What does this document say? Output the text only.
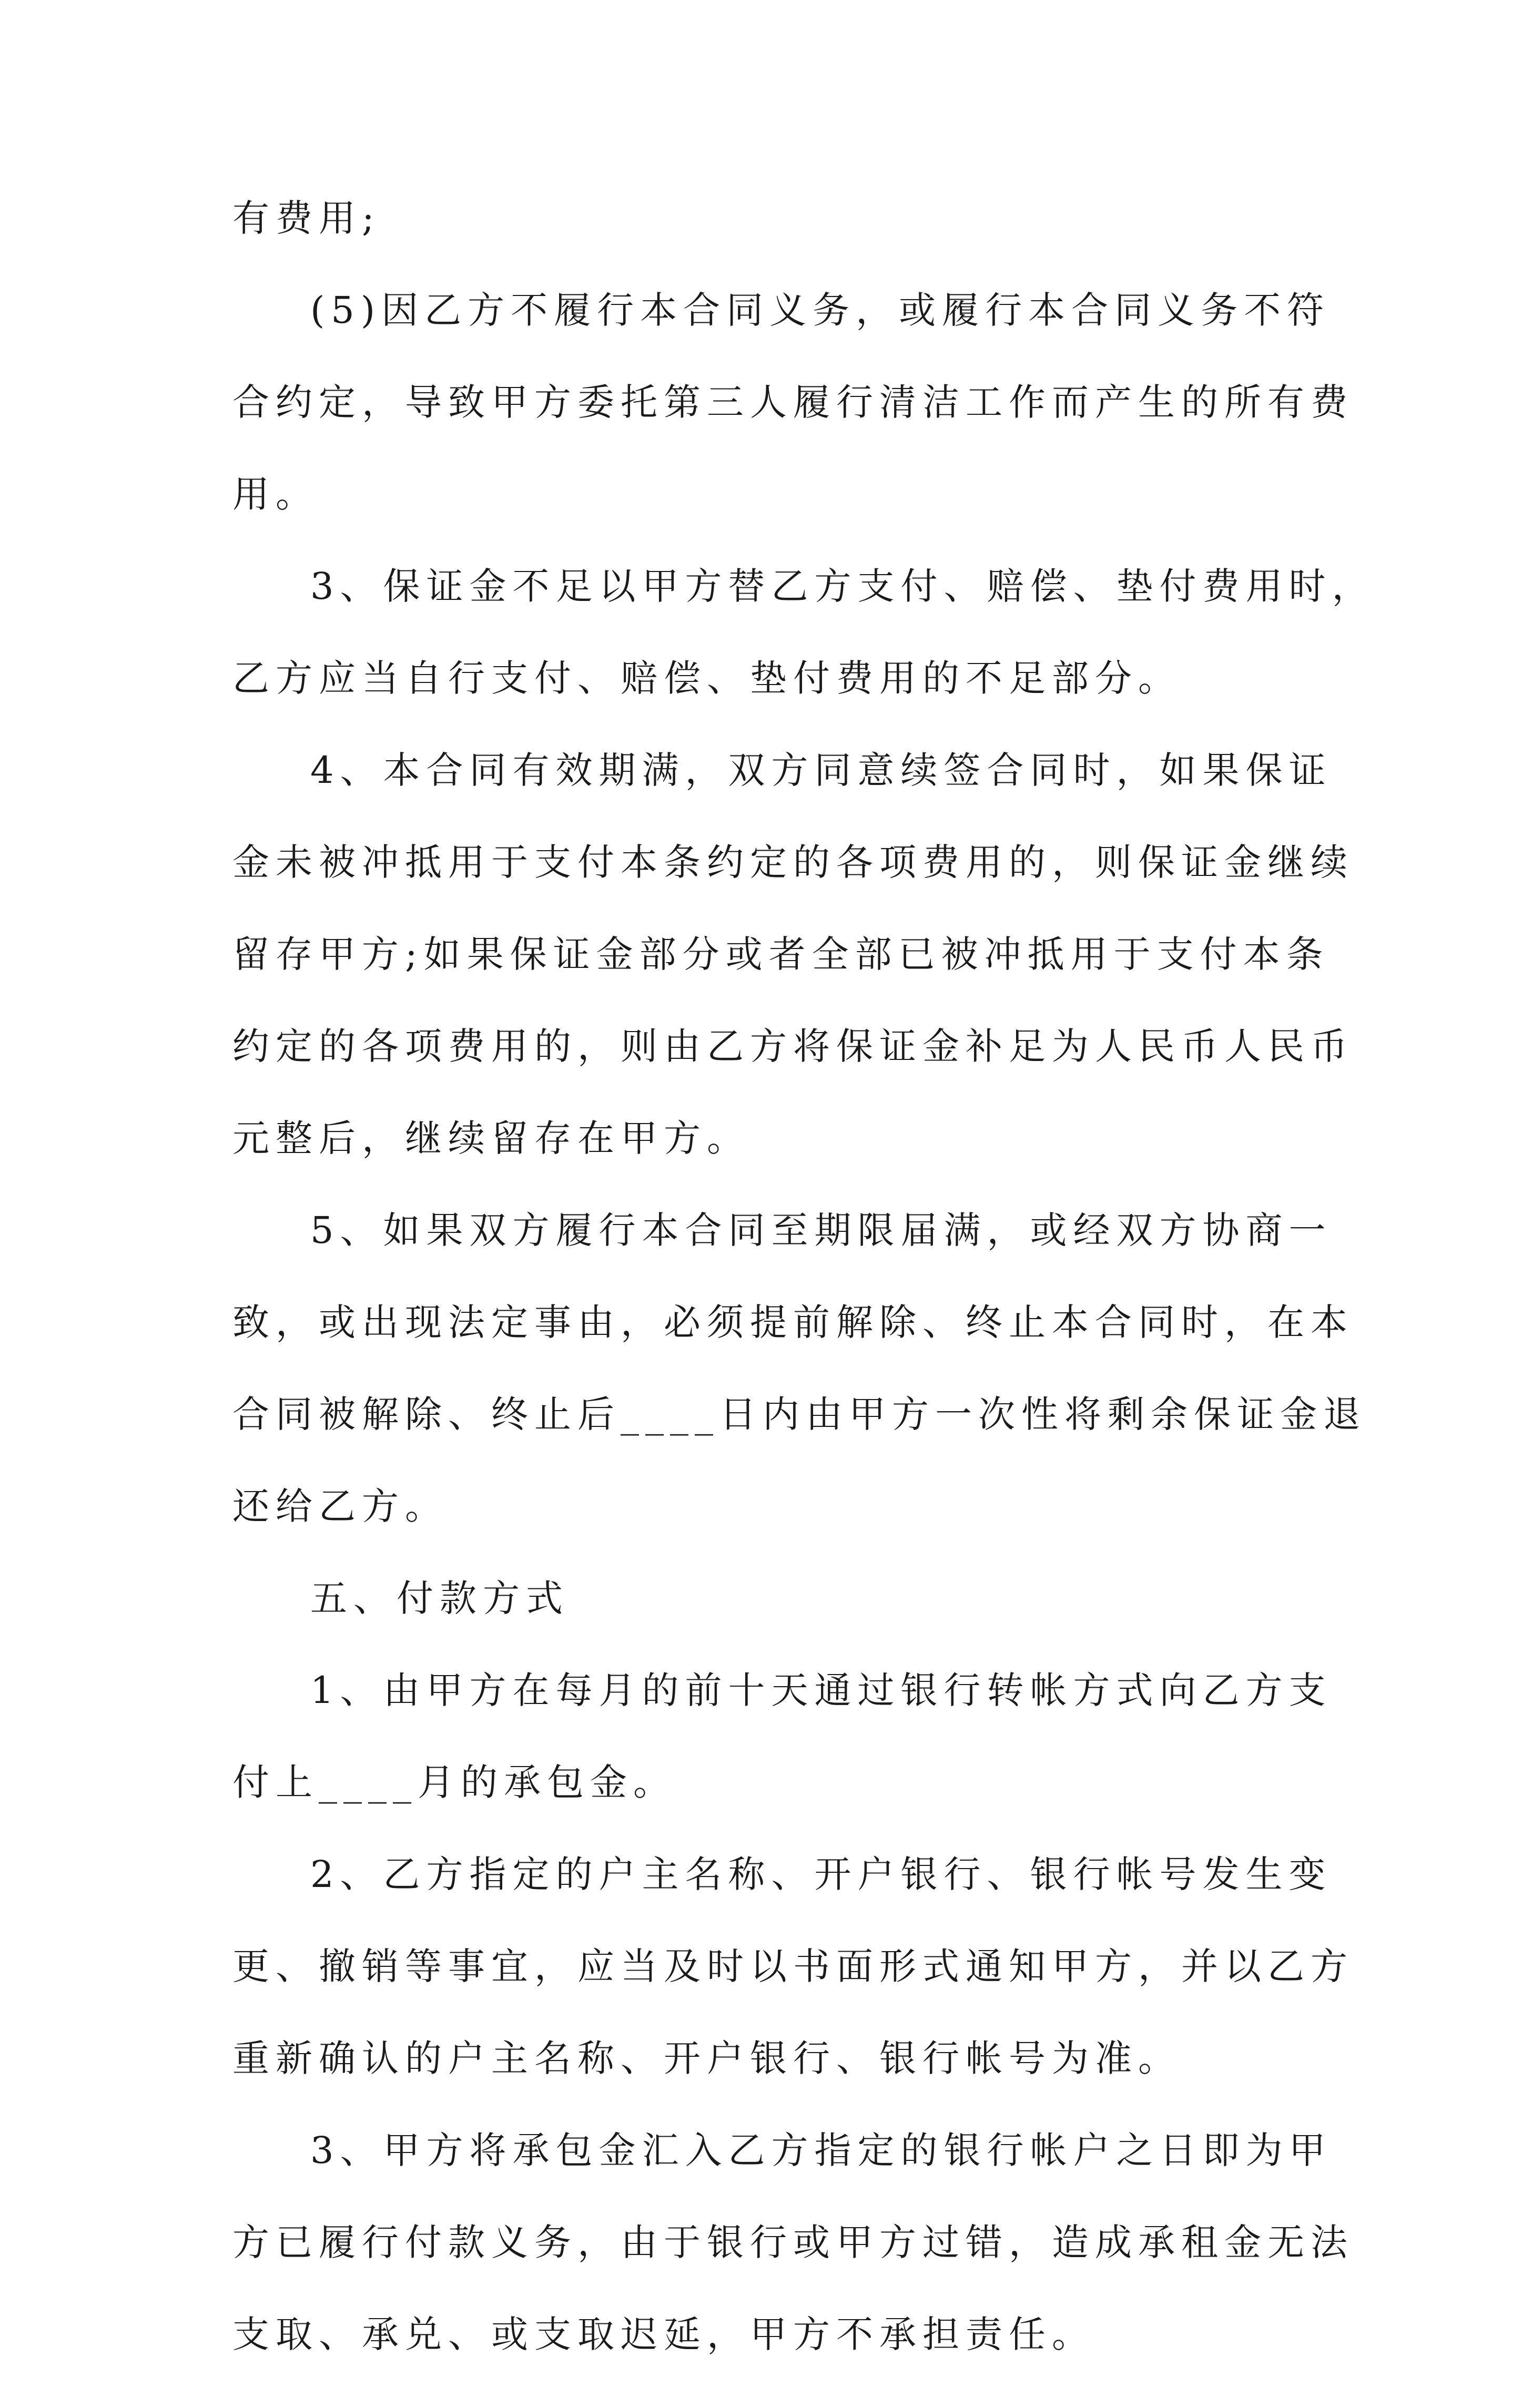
有费用;
(5)因乙方不履行本合同义务，或履行本合同义务不符
合约定，导致甲方委托第三人履行清洁工作而产生的所有费
用。
3、保证金不足以甲方替乙方支付、赔偿、垫付费用时，
乙方应当自行支付、赔偿、垫付费用的不足部分。
4、本合同有效期满，双方同意续签合同时，如果保证
金未被冲抵用于支付本条约定的各项费用的，则保证金继续
留存甲方;如果保证金部分或者全部已被冲抵用于支付本条
约定的各项费用的，则由乙方将保证金补足为人民币人民币
元整后，继续留存在甲方。
5、如果双方履行本合同至期限届满，或经双方协商一
致，或出现法定事由，必须提前解除、终止本合同时，在本
合同被解除、终止后____日内由甲方一次性将剩余保证金退
还给乙方。
五、付款方式
1、由甲方在每月的前十天通过银行转帐方式向乙方支
付上____月的承包金。
2、乙方指定的户主名称、开户银行、银行帐号发生变
更、撤销等事宜，应当及时以书面形式通知甲方，并以乙方
重新确认的户主名称、开户银行、银行帐号为准。
3、甲方将承包金汇入乙方指定的银行帐户之日即为甲
方已履行付款义务，由于银行或甲方过错，造成承租金无法
支取、承兑、或支取迟延，甲方不承担责任。
